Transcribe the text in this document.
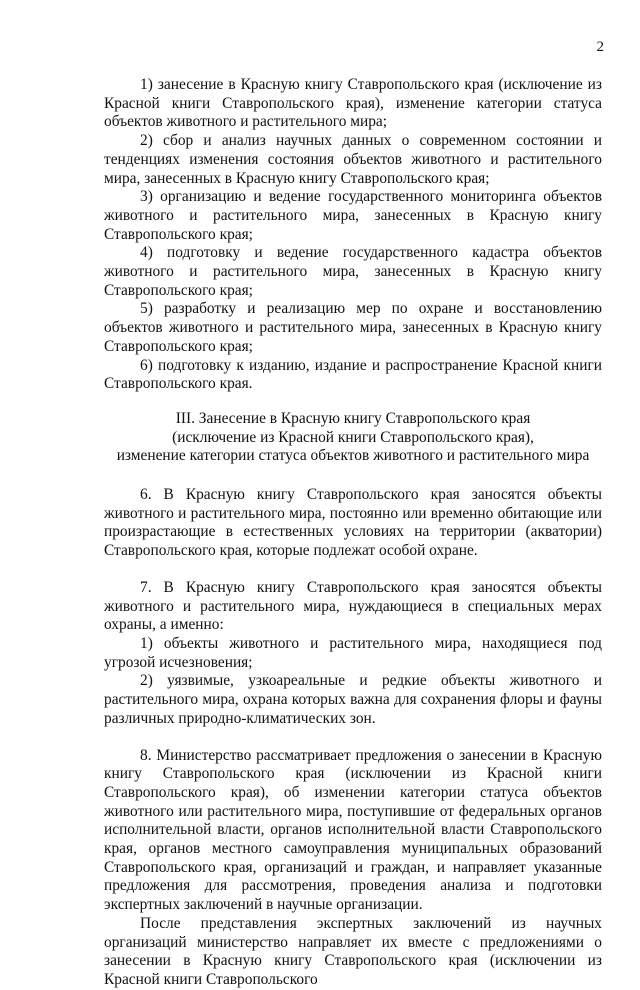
2

1) занесение в Красную книгу Ставропольского края (исключение из Красной книги Ставропольского края), изменение категории статуса объектов животного и растительного мира;

2) сбор и анализ научных данных о современном состоянии и тенденциях изменения состояния объектов животного и растительного мира, занесенных в Красную книгу Ставропольского края;

3) организацию и ведение государственного мониторинга объектов животного и растительного мира, занесенных в Красную книгу Ставропольского края;

4) подготовку и ведение государственного кадастра объектов животного и растительного мира, занесенных в Красную книгу Ставропольского края;

5) разработку и реализацию мер по охране и восстановлению объектов животного и растительного мира, занесенных в Красную книгу Ставропольского края;

6) подготовку к изданию, издание и распространение Красной книги Ставропольского края.

III. Занесение в Красную книгу Ставропольского края
(исключение из Красной книги Ставропольского края),
изменение категории статуса объектов животного и растительного мира

6. В Красную книгу Ставропольского края заносятся объекты животного и растительного мира, постоянно или временно обитающие или произрастающие в естественных условиях на территории (акватории) Ставропольского края, которые подлежат особой охране.

7. В Красную книгу Ставропольского края заносятся объекты животного и растительного мира, нуждающиеся в специальных мерах охраны, а именно:

1) объекты животного и растительного мира, находящиеся под угрозой исчезновения;

2) уязвимые, узкоареальные и редкие объекты животного и растительного мира, охрана которых важна для сохранения флоры и фауны различных природно-климатических зон.

8. Министерство рассматривает предложения о занесении в Красную книгу Ставропольского края (исключении из Красной книги Ставропольского края), об изменении категории статуса объектов животного или растительного мира, поступившие от федеральных органов исполнительной власти, органов исполнительной власти Ставропольского края, органов местного самоуправления муниципальных образований Ставропольского края, организаций и граждан, и направляет указанные предложения для рассмотрения, проведения анализа и подготовки экспертных заключений в научные организации.

После представления экспертных заключений из научных организаций министерство направляет их вместе с предложениями о занесении в Красную книгу Ставропольского края (исключении из Красной книги Ставропольского
